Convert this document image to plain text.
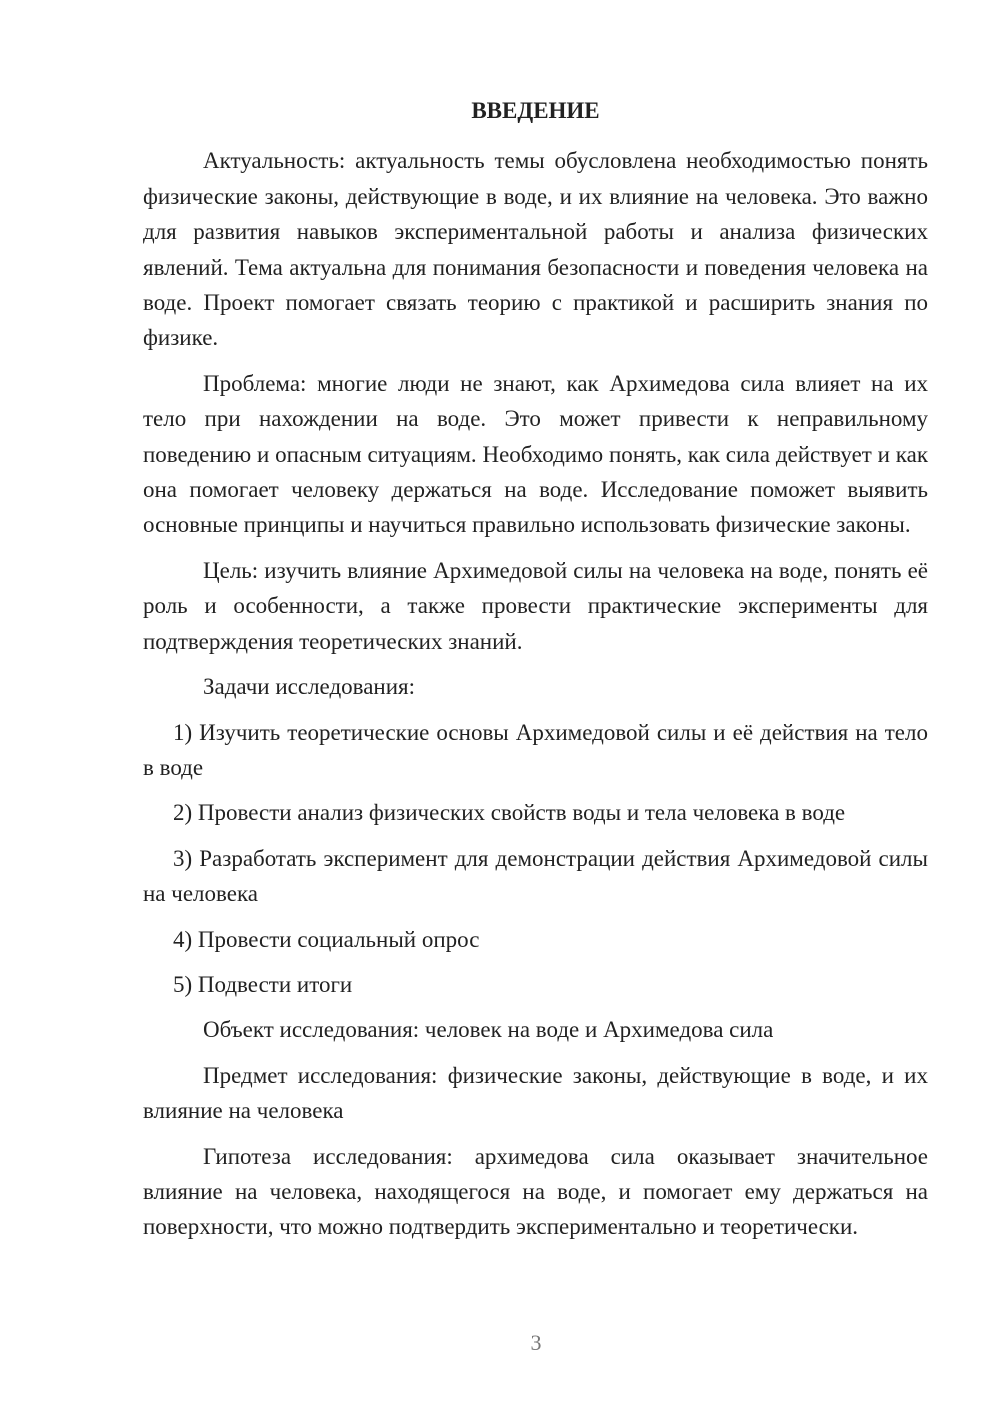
ВВЕДЕНИЕ

Актуальность: актуальность темы обусловлена необходимостью понять физические законы, действующие в воде, и их влияние на человека. Это важно для развития навыков экспериментальной работы и анализа физических явлений. Тема актуальна для понимания безопасности и поведения человека на воде. Проект помогает связать теорию с практикой и расширить знания по физике.

Проблема: многие люди не знают, как Архимедова сила влияет на их тело при нахождении на воде. Это может привести к неправильному поведению и опасным ситуациям. Необходимо понять, как сила действует и как она помогает человеку держаться на воде. Исследование поможет выявить основные принципы и научиться правильно использовать физические законы.

Цель: изучить влияние Архимедовой силы на человека на воде, понять её роль и особенности, а также провести практические эксперименты для подтверждения теоретических знаний.

Задачи исследования:

1) Изучить теоретические основы Архимедовой силы и её действия на тело в воде

2) Провести анализ физических свойств воды и тела человека в воде

3) Разработать эксперимент для демонстрации действия Архимедовой силы на человека

4) Провести социальный опрос

5) Подвести итоги

Объект исследования: человек на воде и Архимедова сила

Предмет исследования: физические законы, действующие в воде, и их влияние на человека

Гипотеза исследования: архимедова сила оказывает значительное влияние на человека, находящегося на воде, и помогает ему держаться на поверхности, что можно подтвердить экспериментально и теоретически.

3
